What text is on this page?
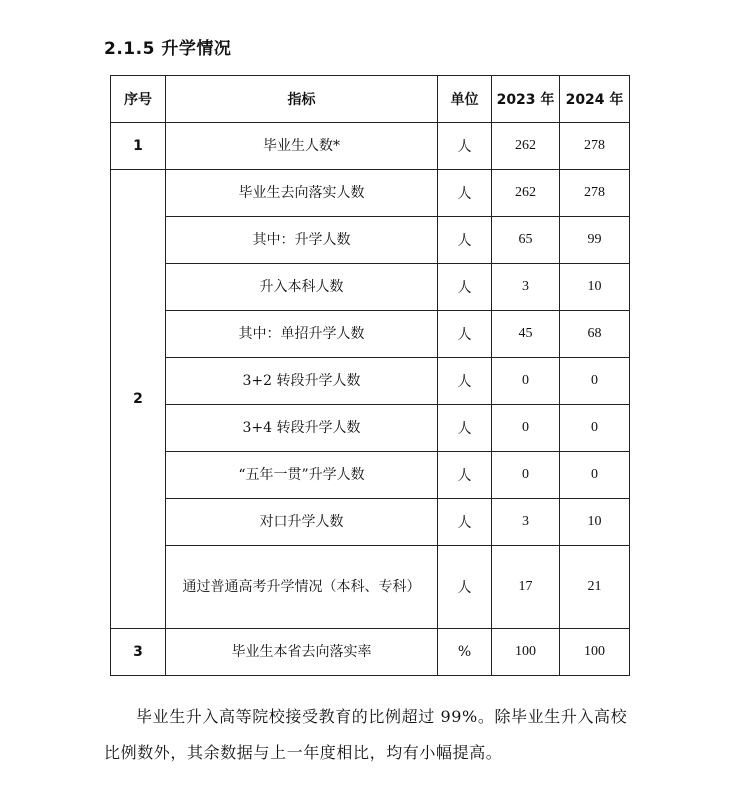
2.1.5 升学情况
序号	指标	单位	2023 年	2024 年
1	毕业生人数*	人	262	278
2	毕业生去向落实人数	人	262	278
	其中：升学人数	人	65	99
	升入本科人数	人	3	10
	其中：单招升学人数	人	45	68
	3+2 转段升学人数	人	0	0
	3+4 转段升学人数	人	0	0
	“五年一贯”升学人数	人	0	0
	对口升学人数	人	3	10
	通过普通高考升学情况（本科、专科）	人	17	21
3	毕业生本省去向落实率	%	100	100

毕业生升入高等院校接受教育的比例超过 99%。除毕业生升入高校 比例数外，其余数据与上一年度相比，均有小幅提高。
